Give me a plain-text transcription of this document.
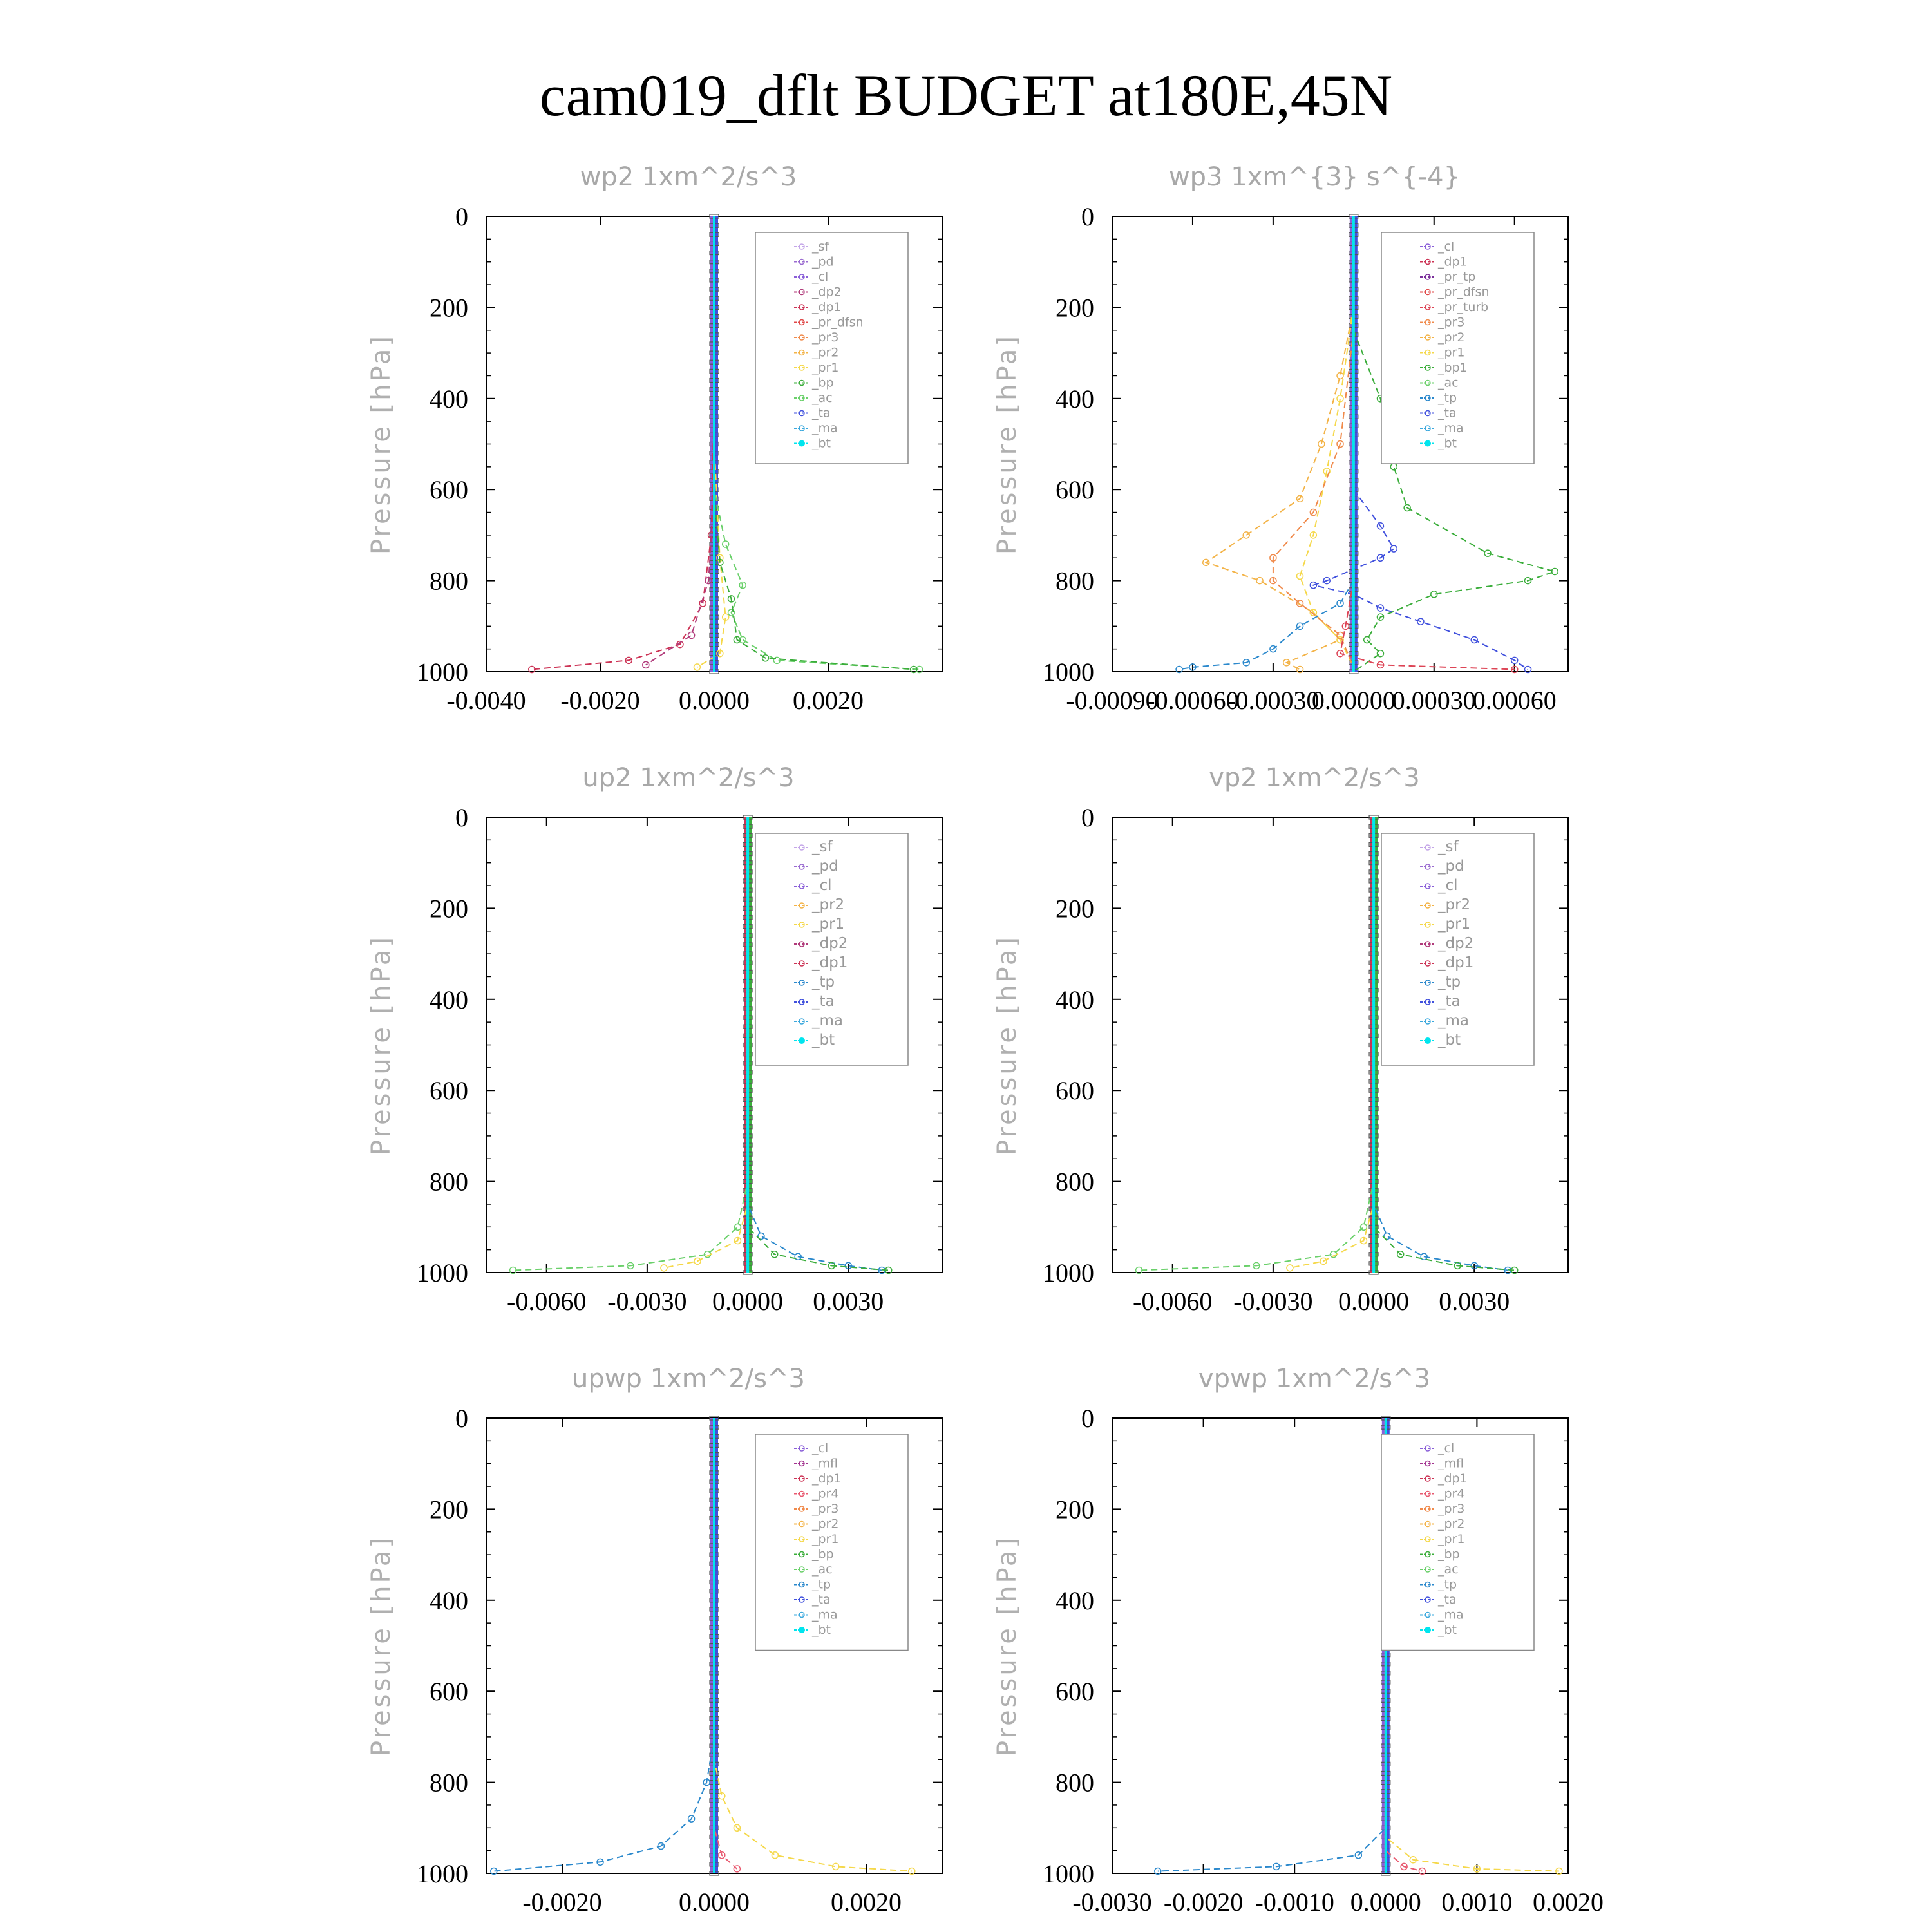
cam019_dflt BUDGET at180E,45N
wp2 1xm^2/s^3
Pressure [hPa]
0
200
400
600
800
1000
-0.0040 -0.0020 0.0000 0.0020
_sf
_pd
_cl
_dp2
_dp1
_pr_dfsn
_pr3
_pr2
_pr1
_bp
_ac
_ta
_ma
_bt
wp3 1xm^{3} s^{-4}
Pressure [hPa]
0
200
400
600
800
1000
-0.00090
-0.00060
-0.00030
0.00000
0.00030
0.00060
_cl
_dp1
_pr_tp
_pr_dfsn
_pr_turb
_pr3
_pr2
_pr1
_bp1
_ac
_tp
_ta
_ma
_bt
up2 1xm^2/s^3
Pressure [hPa]
0
200
400
600
800
1000
-0.0060 -0.0030 0.0000 0.0030
_sf
_pd
_cl
_pr2
_pr1
_dp2
_dp1
_tp
_ta
_ma
_bt
vp2 1xm^2/s^3
Pressure [hPa]
0
200
400
600
800
1000
-0.0060 -0.0030 0.0000 0.0030
_sf
_pd
_cl
_pr2
_pr1
_dp2
_dp1
_tp
_ta
_ma
_bt
upwp 1xm^2/s^3
Pressure [hPa]
0
200
400
600
800
1000
-0.0020	0.0000	0.0020
_cl
_mfl
_dp1
_pr4
_pr3
_pr2
_pr1
_bp
_ac
_tp
_ta
_ma
_bt
vpwp 1xm^2/s^3
Pressure [hPa]
0
200
400
600
800
1000
-0.0030 -0.0020 -0.0010 0.0000 0.0010 0.0020
_cl
_mfl
_dp1
_pr4
_pr3
_pr2
_pr1
_bp
_ac
_tp
_ta
_ma
_bt
